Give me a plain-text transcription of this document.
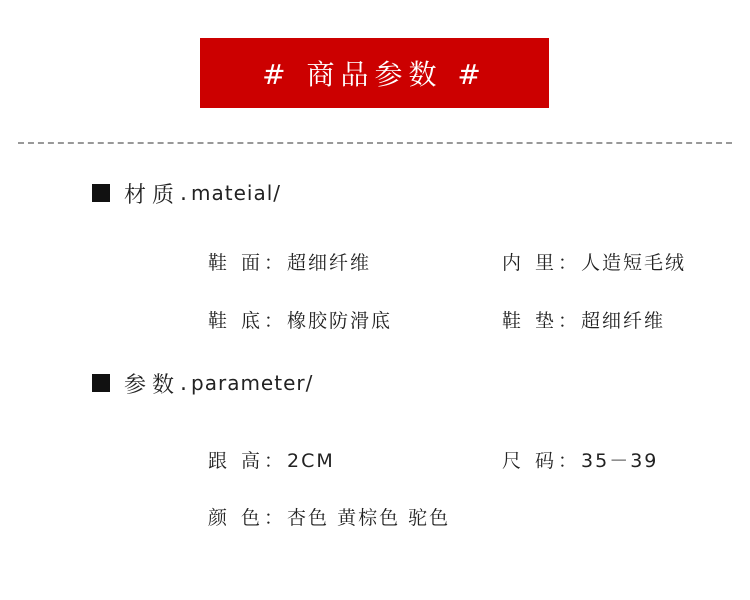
# 商品参数 #
材质 . mateial/
鞋 面：超细纤维	内 里：人造短毛绒
鞋 底：橡胶防滑底	鞋 垫：超细纤维
参数 . parameter/
跟 高：2CM	尺 码：35－39
颜 色：杏色 黄棕色 驼色
